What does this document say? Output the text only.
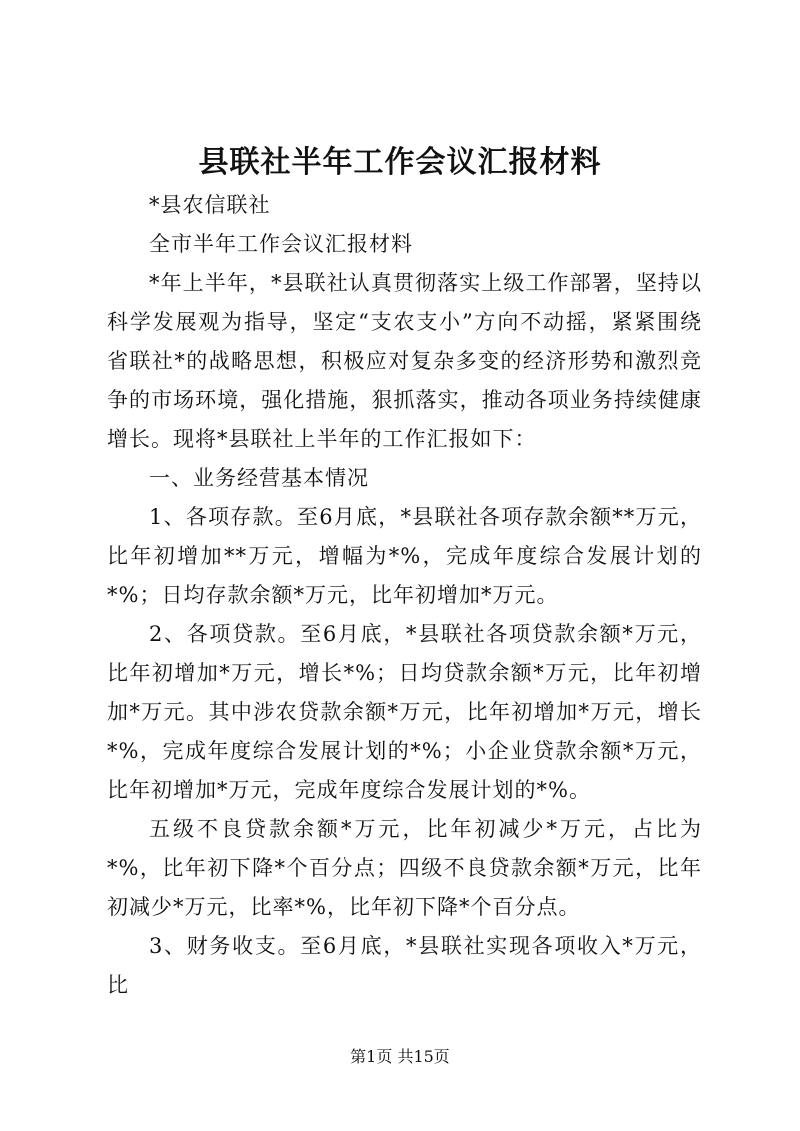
县联社半年工作会议汇报材料

*县农信联社

全市半年工作会议汇报材料

*年上半年，*县联社认真贯彻落实上级工作部署，坚持以科学发展观为指导，坚定“支农支小”方向不动摇，紧紧围绕省联社*的战略思想，积极应对复杂多变的经济形势和激烈竞争的市场环境，强化措施，狠抓落实，推动各项业务持续健康增长。现将*县联社上半年的工作汇报如下：

一、业务经营基本情况

1、各项存款。至6月底，*县联社各项存款余额**万元，比年初增加**万元，增幅为*%，完成年度综合发展计划的*%；日均存款余额*万元，比年初增加*万元。

2、各项贷款。至6月底，*县联社各项贷款余额*万元，比年初增加*万元，增长*%；日均贷款余额*万元，比年初增加*万元。其中涉农贷款余额*万元，比年初增加*万元，增长*%，完成年度综合发展计划的*%；小企业贷款余额*万元，比年初增加*万元，完成年度综合发展计划的*%。

五级不良贷款余额*万元，比年初减少*万元，占比为*%，比年初下降*个百分点；四级不良贷款余额*万元，比年初减少*万元，比率*%，比年初下降*个百分点。

3、财务收支。至6月底，*县联社实现各项收入*万元，比

第1页 共15页
